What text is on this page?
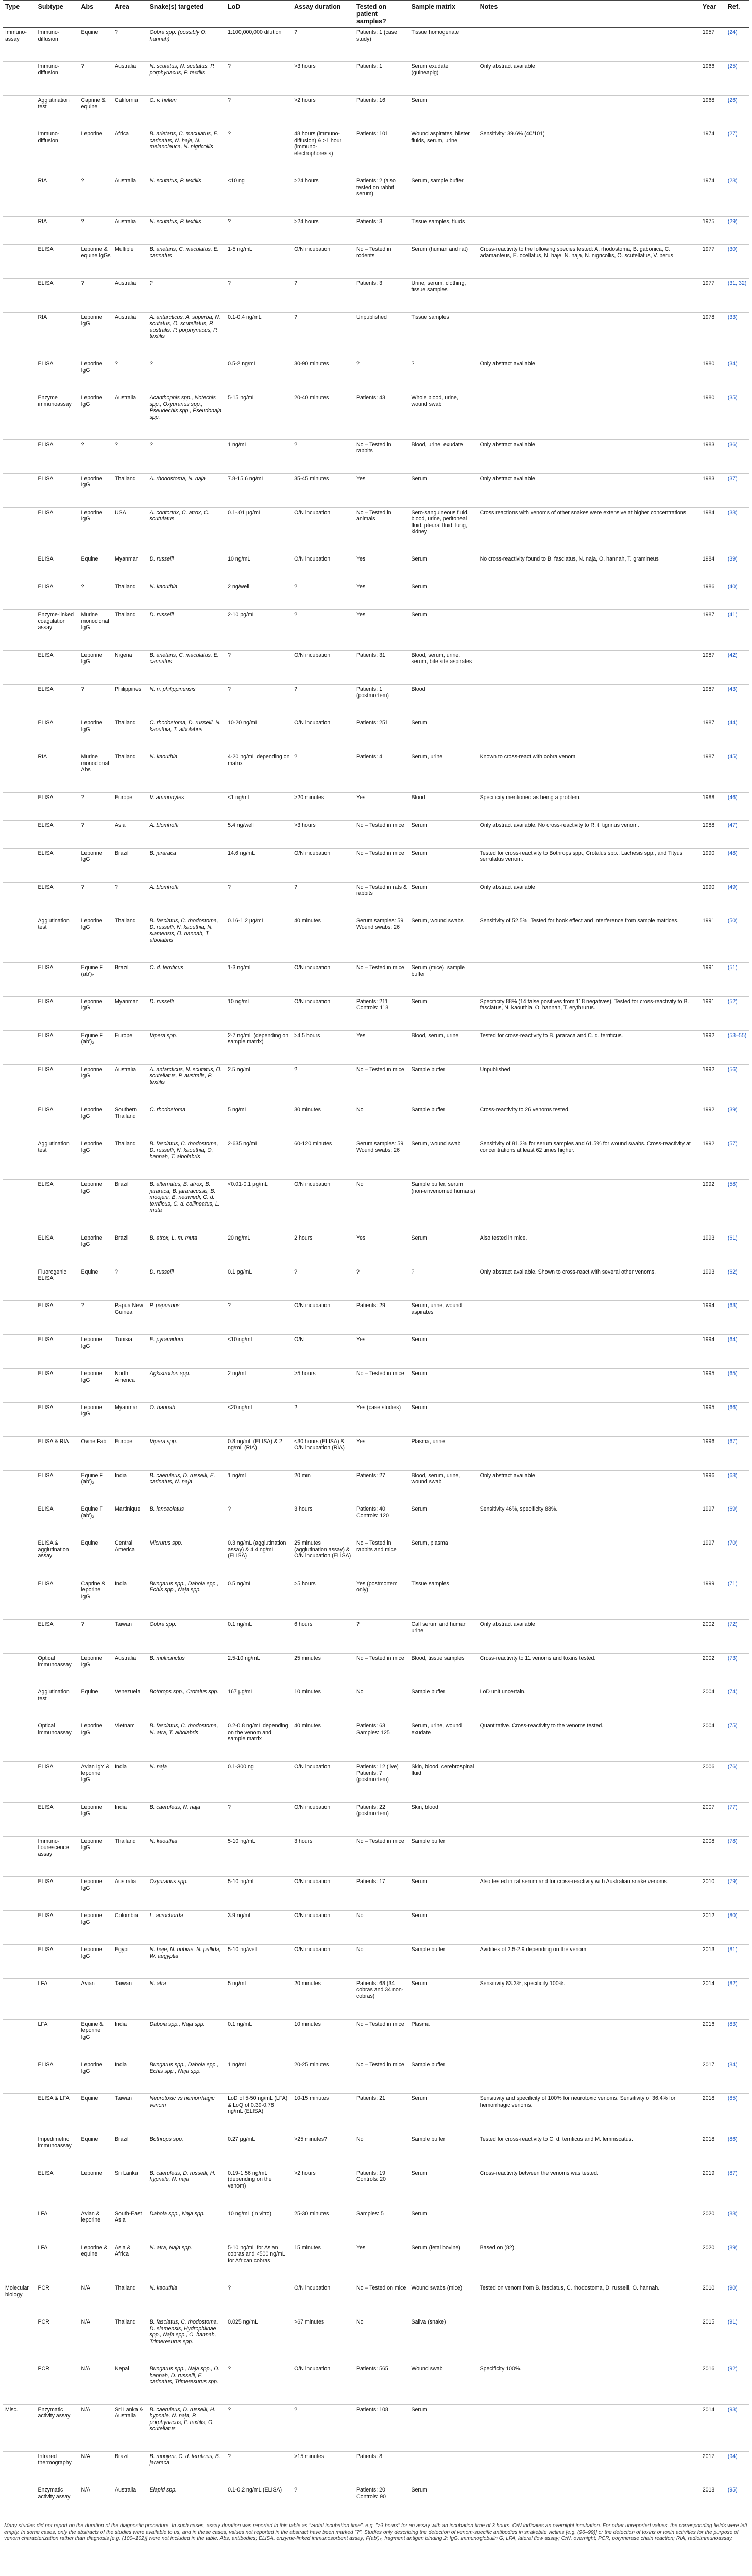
Type	Subtype	Abs	Area	Snake(s) targeted	LoD	Assay duration	Tested on patient samples?	Sample matrix	Notes	Year	Ref.
Immuno-assay	Immuno-diffusion	Equine	?	Cobra spp. (possibly O. hannah)	1:100,000,000 dilution	?	Patients: 1 (case study)	Tissue homogenate		1957	(24)
	Immuno-diffusion	?	Australia	N. scutatus, N. scutatus, P. porphyriacus, P. textilis	?	>3 hours	Patients: 1	Serum exudate (guineapig)	Only abstract available	1966	(25)
	Agglutination test	Caprine & equine	California	C. v. helleri	?	>2 hours	Patients: 16	Serum		1968	(26)
	Immuno-diffusion	Leporine	Africa	B. arietans, C. maculatus, E. carinatus, N. haje, N. melanoleuca, N. nigricollis	?	48 hours (immuno-diffusion) & >1 hour (immuno-electrophoresis)	Patients: 101	Wound aspirates, blister fluids, serum, urine	Sensitivity: 39.6% (40/101)	1974	(27)
	RIA	?	Australia	N. scutatus, P. textilis	<10 ng	>24 hours	Patients: 2 (also tested on rabbit serum)	Serum, sample buffer		1974	(28)
	RIA	?	Australia	N. scutatus, P. textilis	?	>24 hours	Patients: 3	Tissue samples, fluids		1975	(29)
	ELISA	Leporine & equine IgGs	Multiple	B. arietans, C. maculatus, E. carinatus	1-5 ng/mL	O/N incubation	No – Tested in rodents	Serum (human and rat)	Cross-reactivity to the following species tested: A. rhodostoma, B. gabonica, C. adamanteus, E. ocellatus, N. haje, N. naja, N. nigricollis, O. scutellatus, V. berus	1977	(30)
	ELISA	?	Australia	?	?	?	Patients: 3	Urine, serum, clothing, tissue samples		1977	(31, 32)
	RIA	Leporine IgG	Australia	A. antarcticus, A. superba, N. scutatus, O. scutellatus, P. australis, P. porphyriacus, P. textilis	0.1-0.4 ng/mL	?	Unpublished	Tissue samples		1978	(33)
	ELISA	Leporine IgG	?	?	0.5-2 ng/mL	30-90 minutes	?	?	Only abstract available	1980	(34)
	Enzyme immunoassay	Leporine IgG	Australia	Acanthophis spp., Notechis spp., Oxyuranus spp., Pseudechis spp., Pseudonaja spp.	5-15 ng/mL	20-40 minutes	Patients: 43	Whole blood, urine, wound swab		1980	(35)
	ELISA	?	?	?	1 ng/mL	?	No – Tested in rabbits	Blood, urine, exudate	Only abstract available	1983	(36)
	ELISA	Leporine IgG	Thailand	A. rhodostoma, N. naja	7.8-15.6 ng/mL	35-45 minutes	Yes	Serum	Only abstract available	1983	(37)
	ELISA	Leporine IgG	USA	A. contortrix, C. atrox, C. scutulatus	0.1-.01 µg/mL	O/N incubation	No – Tested in animals	Sero-sanguineous fluid, blood, urine, peritoneal fluid, pleural fluid, lung, kidney	Cross reactions with venoms of other snakes were extensive at higher concentrations	1984	(38)
	ELISA	Equine	Myanmar	D. russelli	10 ng/mL	O/N incubation	Yes	Serum	No cross-reactivity found to B. fasciatus, N. naja, O. hannah, T. gramineus	1984	(39)
	ELISA	?	Thailand	N. kaouthia	2 ng/well	?	Yes	Serum		1986	(40)
	Enzyme-linked coagulation assay	Murine monoclonal IgG	Thailand	D. russelli	2-10 pg/mL	?	Yes	Serum		1987	(41)
	ELISA	Leporine IgG	Nigeria	B. arietans, C. maculatus, E. carinatus	?	O/N incubation	Patients: 31	Blood, serum, urine, serum, bite site aspirates		1987	(42)
	ELISA	?	Philippines	N. n. philippinensis	?	?	Patients: 1 (postmortem)	Blood		1987	(43)
	ELISA	Leporine IgG	Thailand	C. rhodostoma, D. russelli, N. kaouthia, T. albolabris	10-20 ng/mL	O/N incubation	Patients: 251	Serum		1987	(44)
	RIA	Murine monoclonal Abs	Thailand	N. kaouthia	4-20 ng/mL depending on matrix	?	Patients: 4	Serum, urine	Known to cross-react with cobra venom.	1987	(45)
	ELISA	?	Europe	V. ammodytes	<1 ng/mL	>20 minutes	Yes	Blood	Specificity mentioned as being a problem.	1988	(46)
	ELISA	?	Asia	A. blomhoffi	5.4 ng/well	>3 hours	No – Tested in mice	Serum	Only abstract available. No cross-reactivity to R. t. tigrinus venom.	1988	(47)
	ELISA	Leporine IgG	Brazil	B. jararaca	14.6 ng/mL	O/N incubation	No – Tested in mice	Serum	Tested for cross-reactivity to Bothrops spp., Crotalus spp., Lachesis spp., and Tityus serrulatus venom.	1990	(48)
	ELISA	?	?	A. blomhoffi	?	?	No – Tested in rats & rabbits	Serum	Only abstract available	1990	(49)
	Agglutination test	Leporine IgG	Thailand	B. fasciatus, C. rhodostoma, D. russelli, N. kaouthia, N. siamensis, O. hannah, T. albolabris	0.16-1.2 µg/mL	40 minutes	Serum samples: 59 Wound swabs: 26	Serum, wound swabs	Sensitivity of 52.5%. Tested for hook effect and interference from sample matrices.	1991	(50)
	ELISA	Equine F (ab')₂	Brazil	C. d. terrificus	1-3 ng/mL	O/N incubation	No – Tested in mice	Serum (mice), sample buffer		1991	(51)
	ELISA	Leporine IgG	Myanmar	D. russelli	10 ng/mL	O/N incubation	Patients: 211 Controls: 118	Serum	Specificity 88% (14 false positives from 118 negatives). Tested for cross-reactivity to B. fasciatus, N. kaouthia, O. hannah, T. erythrurus.	1991	(52)
	ELISA	Equine F (ab')₂	Europe	Vipera spp.	2-7 ng/mL (depending on sample matrix)	>4.5 hours	Yes	Blood, serum, urine	Tested for cross-reactivity to B. jararaca and C. d. terrificus.	1992	(53–55)
	ELISA	Leporine IgG	Australia	A. antarcticus, N. scutatus, O. scutellatus, P. australis, P. textilis	2.5 ng/mL	?	No – Tested in mice	Sample buffer	Unpublished	1992	(56)
	ELISA	Leporine IgG	Southern Thailand	C. rhodostoma	5 ng/mL	30 minutes	No	Sample buffer	Cross-reactivity to 26 venoms tested.	1992	(39)
	Agglutination test	Leporine IgG	Thailand	B. fasciatus, C. rhodostoma, D. russelli, N. kaouthia, O. hannah, T. albolabris	2-635 ng/mL	60-120 minutes	Serum samples: 59 Wound swabs: 26	Serum, wound swab	Sensitivity of 81.3% for serum samples and 61.5% for wound swabs. Cross-reactivity at concentrations at least 62 times higher.	1992	(57)
	ELISA	Leporine IgG	Brazil	B. alternatus, B. atrox, B. jararaca, B. jararacussu, B. moojeni, B. neuwiedi, C. d. terrificus, C. d. collineatus, L. muta	<0.01-0.1 µg/mL	O/N incubation	No	Sample buffer, serum (non-envenomed humans)		1992	(58)
	ELISA	Leporine IgG	Brazil	B. atrox, L. m. muta	20 ng/mL	2 hours	Yes	Serum	Also tested in mice.	1993	(61)
	Fluorogenic ELISA	Equine	?	D. russelli	0.1 pg/mL	?	?	?	Only abstract available. Shown to cross-react with several other venoms.	1993	(62)
	ELISA	?	Papua New Guinea	P. papuanus	?	O/N incubation	Patients: 29	Serum, urine, wound aspirates		1994	(63)
	ELISA	Leporine IgG	Tunisia	E. pyramidum	<10 ng/mL	O/N	Yes	Serum		1994	(64)
	ELISA	Leporine IgG	North America	Agkistrodon spp.	2 ng/mL	>5 hours	No – Tested in mice	Serum		1995	(65)
	ELISA	Leporine IgG	Myanmar	O. hannah	<20 ng/mL	?	Yes (case studies)	Serum		1995	(66)
	ELISA & RIA	Ovine Fab	Europe	Vipera spp.	0.8 ng/mL (ELISA) & 2 ng/mL (RIA)	<30 hours (ELISA) & O/N incubation (RIA)	Yes	Plasma, urine		1996	(67)
	ELISA	Equine F (ab')₂	India	B. caeruleus, D. russelli, E. carinatus, N. naja	1 ng/mL	20 min	Patients: 27	Blood, serum, urine, wound swab	Only abstract available	1996	(68)
	ELISA	Equine F (ab')₂	Martinique	B. lanceolatus	?	3 hours	Patients: 40 Controls: 120	Serum	Sensitivity 46%, specificity 88%.	1997	(69)
	ELISA & agglutination assay	Equine	Central America	Micrurus spp.	0.3 ng/mL (agglutination assay) & 4.4 ng/mL (ELISA)	25 minutes (agglutination assay) & O/N incubation (ELISA)	No – Tested in rabbits and mice	Serum, plasma		1997	(70)
	ELISA	Caprine & leporine IgG	India	Bungarus spp., Daboia spp., Echis spp., Naja spp.	0.5 ng/mL	>5 hours	Yes (postmortem only)	Tissue samples		1999	(71)
	ELISA	?	Taiwan	Cobra spp.	0.1 ng/mL	6 hours	?	Calf serum and human urine	Only abstract available	2002	(72)
	Optical immunoassay	Leporine IgG	Australia	B. multicinctus	2.5-10 ng/mL	25 minutes	No – Tested in mice	Blood, tissue samples	Cross-reactivity to 11 venoms and toxins tested.	2002	(73)
	Agglutination test	Equine	Venezuela	Bothrops spp., Crotalus spp.	167 µg/mL	10 minutes	No	Sample buffer	LoD unit uncertain.	2004	(74)
	Optical immunoassay	Leporine IgG	Vietnam	B. fasciatus, C. rhodostoma, N. atra, T. albolabris	0.2-0.8 ng/mL depending on the venom and sample matrix	40 minutes	Patients: 63 Samples: 125	Serum, urine, wound exudate	Quantitative. Cross-reactivity to the venoms tested.	2004	(75)
	ELISA	Avian IgY & leporine IgG	India	N. naja	0.1-300 ng	O/N incubation	Patients: 12 (live) Patients: 7 (postmortem)	Skin, blood, cerebrospinal fluid		2006	(76)
	ELISA	Leporine IgG	India	B. caeruleus, N. naja	?	O/N incubation	Patients: 22 (postmortem)	Skin, blood		2007	(77)
	Immuno-flourescence assay	Leporine IgG	Thailand	N. kaouthia	5-10 ng/mL	3 hours	No – Tested in mice	Sample buffer		2008	(78)
	ELISA	Leporine IgG	Australia	Oxyuranus spp.	5-10 ng/mL	O/N incubation	Patients: 17	Serum	Also tested in rat serum and for cross-reactivity with Australian snake venoms.	2010	(79)
	ELISA	Leporine IgG	Colombia	L. acrochorda	3.9 ng/mL	O/N incubation	No	Serum		2012	(80)
	ELISA	Leporine IgG	Egypt	N. haje, N. nubiae, N. pallida, W. aegyptia	5-10 ng/well	O/N incubation	No	Sample buffer	Avidities of 2.5-2.9 depending on the venom	2013	(81)
	LFA	Avian	Taiwan	N. atra	5 ng/mL	20 minutes	Patients: 68 (34 cobras and 34 non-cobras)	Serum	Sensitivity 83.3%, specificity 100%.	2014	(82)
	LFA	Equine & leporine IgG	India	Daboia spp., Naja spp.	0.1 ng/mL	10 minutes	No – Tested in mice	Plasma		2016	(83)
	ELISA	Leporine IgG	India	Bungarus spp., Daboia spp., Echis spp., Naja spp.	1 ng/mL	20-25 minutes	No – Tested in mice	Sample buffer		2017	(84)
	ELISA & LFA	Equine	Taiwan	Neurotoxic vs hemorrhagic venom	LoD of 5-50 ng/mL (LFA) & LoQ of 0.39-0.78 ng/mL (ELISA)	10-15 minutes	Patients: 21	Serum	Sensitivity and specificity of 100% for neurotoxic venoms. Sensitivity of 36.4% for hemorrhagic venoms.	2018	(85)
	Impedimetric immunoassay	Equine	Brazil	Bothrops spp.	0.27 µg/mL	>25 minutes?	No	Sample buffer	Tested for cross-reactivity to C. d. terrificus and M. lemniscatus.	2018	(86)
	ELISA	Leporine	Sri Lanka	B. caeruleus, D. russelli, H. hypnale, N. naja	0.19-1.56 ng/mL (depending on the venom)	>2 hours	Patients: 19 Controls: 20	Serum	Cross-reactivity between the venoms was tested.	2019	(87)
	LFA	Avian & leporine	South-East Asia	Daboia spp., Naja spp.	10 ng/mL (in vitro)	25-30 minutes	Samples: 5	Serum		2020	(88)
	LFA	Leporine & equine	Asia & Africa	N. atra, Naja spp.	5-10 ng/mL for Asian cobras and <500 ng/mL for African cobras	15 minutes	Yes	Serum (fetal bovine)	Based on (82).	2020	(89)
Molecular biology	PCR	N/A	Thailand	N. kaouthia	?	O/N incubation	No – Tested on mice	Wound swabs (mice)	Tested on venom from B. fasciatus, C. rhodostoma, D. russelli, O. hannah.	2010	(90)
	PCR	N/A	Thailand	B. fasciatus, C. rhodostoma, D. siamensis, Hydrophiinae spp., Naja spp., O. hannah, Trimeresurus spp.	0.025 ng/mL	>67 minutes	No	Saliva (snake)		2015	(91)
	PCR	N/A	Nepal	Bungarus spp., Naja spp., O. hannah, D. russelli, E. carinatus, Trimeresurus spp.	?	O/N incubation	Patients: 565	Wound swab	Specificity 100%.	2016	(92)
Misc.	Enzymatic activity assay	N/A	Sri Lanka & Australia	B. caeruleus, D. russelli, H. hypnale, N. naja, P. porphyriacus, P. textilis, O. scutellatus	?	?	Patients: 108	Serum		2014	(93)
	Infrared thermography	N/A	Brazil	B. moojeni, C. d. terrificus, B. jararaca	?	>15 minutes	Patients: 8			2017	(94)
	Enzymatic activity assay	N/A	Australia	Elapid spp.	0.1-0.2 ng/mL (ELISA)	?	Patients: 20 Controls: 90	Serum		2018	(95)
Many studies did not report on the duration of the diagnostic procedure. In such cases, assay duration was reported in this table as ">total incubation time", e.g. ">3 hours" for an assay with an incubation time of 3 hours. O/N indicates an overnight incubation. For other unreported values, the corresponding fields were left empty. In some cases, only the abstracts of the studies were available to us, and in these cases, values not reported in the abstract have been marked "?". Studies only describing the detection of venom-specific antibodies in snakebite victims [e.g. (96–99)] or the detection of toxins or toxin activities for the purpose of venom characterization rather than diagnosis [e.g. (100–102)] were not included in the table. Abs, antibodies; ELISA, enzyme-linked immunosorbent assay; F(ab')₂, fragment antigen binding 2; IgG, immunoglobulin G; LFA, lateral flow assay; O/N, overnight; PCR, polymerase chain reaction; RIA, radioimmunoassay.
